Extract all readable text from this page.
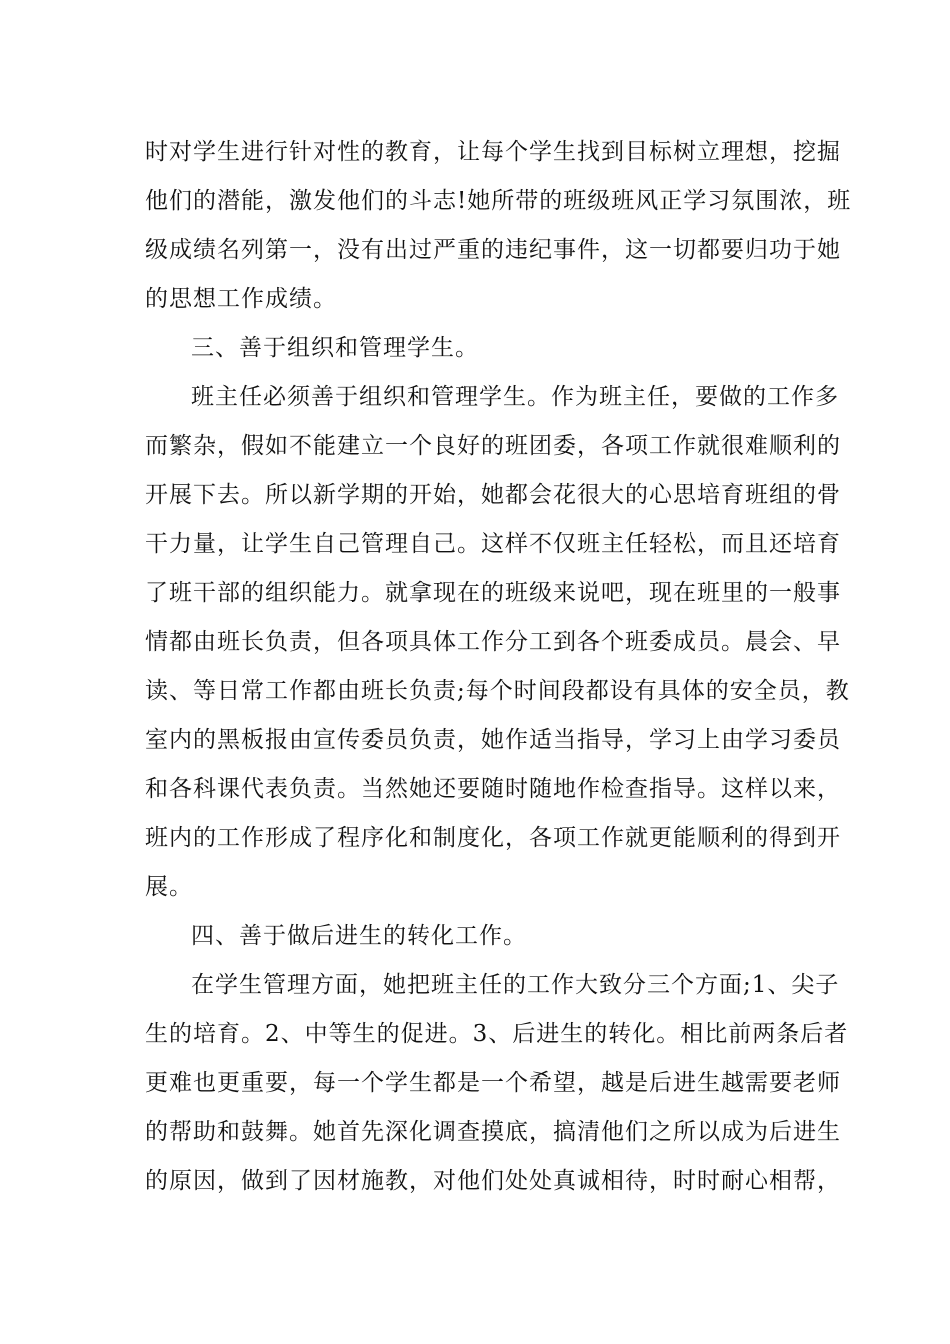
时对学生进行针对性的教育，让每个学生找到目标树立理想，挖掘
他们的潜能，激发他们的斗志!她所带的班级班风正学习氛围浓，班
级成绩名列第一，没有出过严重的违纪事件，这一切都要归功于她
的思想工作成绩。
三、善于组织和管理学生。
班主任必须善于组织和管理学生。作为班主任，要做的工作多
而繁杂，假如不能建立一个良好的班团委，各项工作就很难顺利的
开展下去。所以新学期的开始，她都会花很大的心思培育班组的骨
干力量，让学生自己管理自己。这样不仅班主任轻松，而且还培育
了班干部的组织能力。就拿现在的班级来说吧，现在班里的一般事
情都由班长负责，但各项具体工作分工到各个班委成员。晨会、早
读、等日常工作都由班长负责;每个时间段都设有具体的安全员，教
室内的黑板报由宣传委员负责，她作适当指导，学习上由学习委员
和各科课代表负责。当然她还要随时随地作检查指导。这样以来，
班内的工作形成了程序化和制度化，各项工作就更能顺利的得到开
展。
四、善于做后进生的转化工作。
在学生管理方面，她把班主任的工作大致分三个方面;1、尖子
生的培育。2、中等生的促进。3、后进生的转化。相比前两条后者
更难也更重要，每一个学生都是一个希望，越是后进生越需要老师
的帮助和鼓舞。她首先深化调查摸底，搞清他们之所以成为后进生
的原因，做到了因材施教，对他们处处真诚相待，时时耐心相帮，
